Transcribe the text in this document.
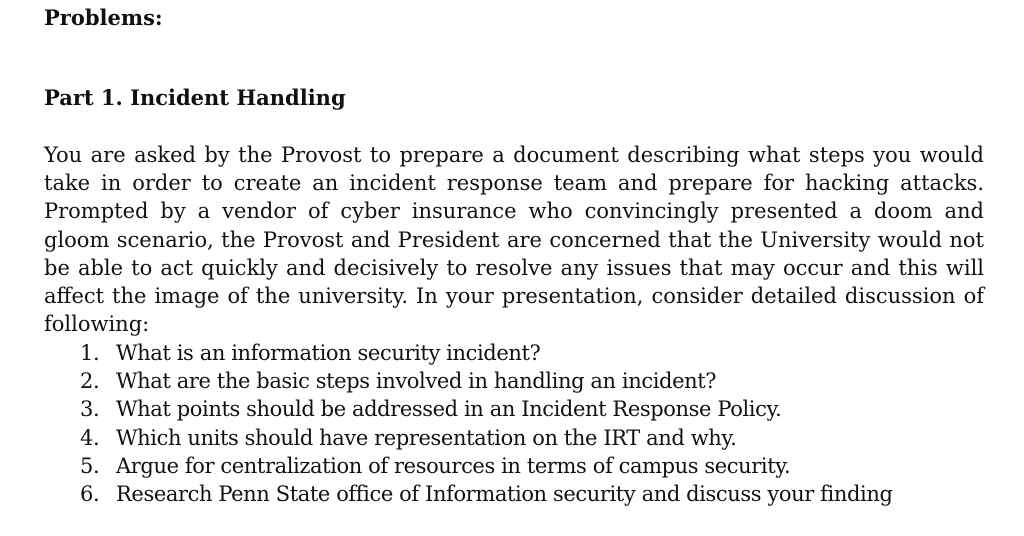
Problems:
Part 1. Incident Handling

You are asked by the Provost to prepare a document describing what steps you would take in order to create an incident response team and prepare for hacking attacks. Prompted by a vendor of cyber insurance who convincingly presented a doom and gloom scenario, the Provost and President are concerned that the University would not be able to act quickly and decisively to resolve any issues that may occur and this will affect the image of the university. In your presentation, consider detailed discussion of following:

1. What is an information security incident?
2. What are the basic steps involved in handling an incident?
3. What points should be addressed in an Incident Response Policy.
4. Which units should have representation on the IRT and why.
5. Argue for centralization of resources in terms of campus security.
6. Research Penn State office of Information security and discuss your finding
